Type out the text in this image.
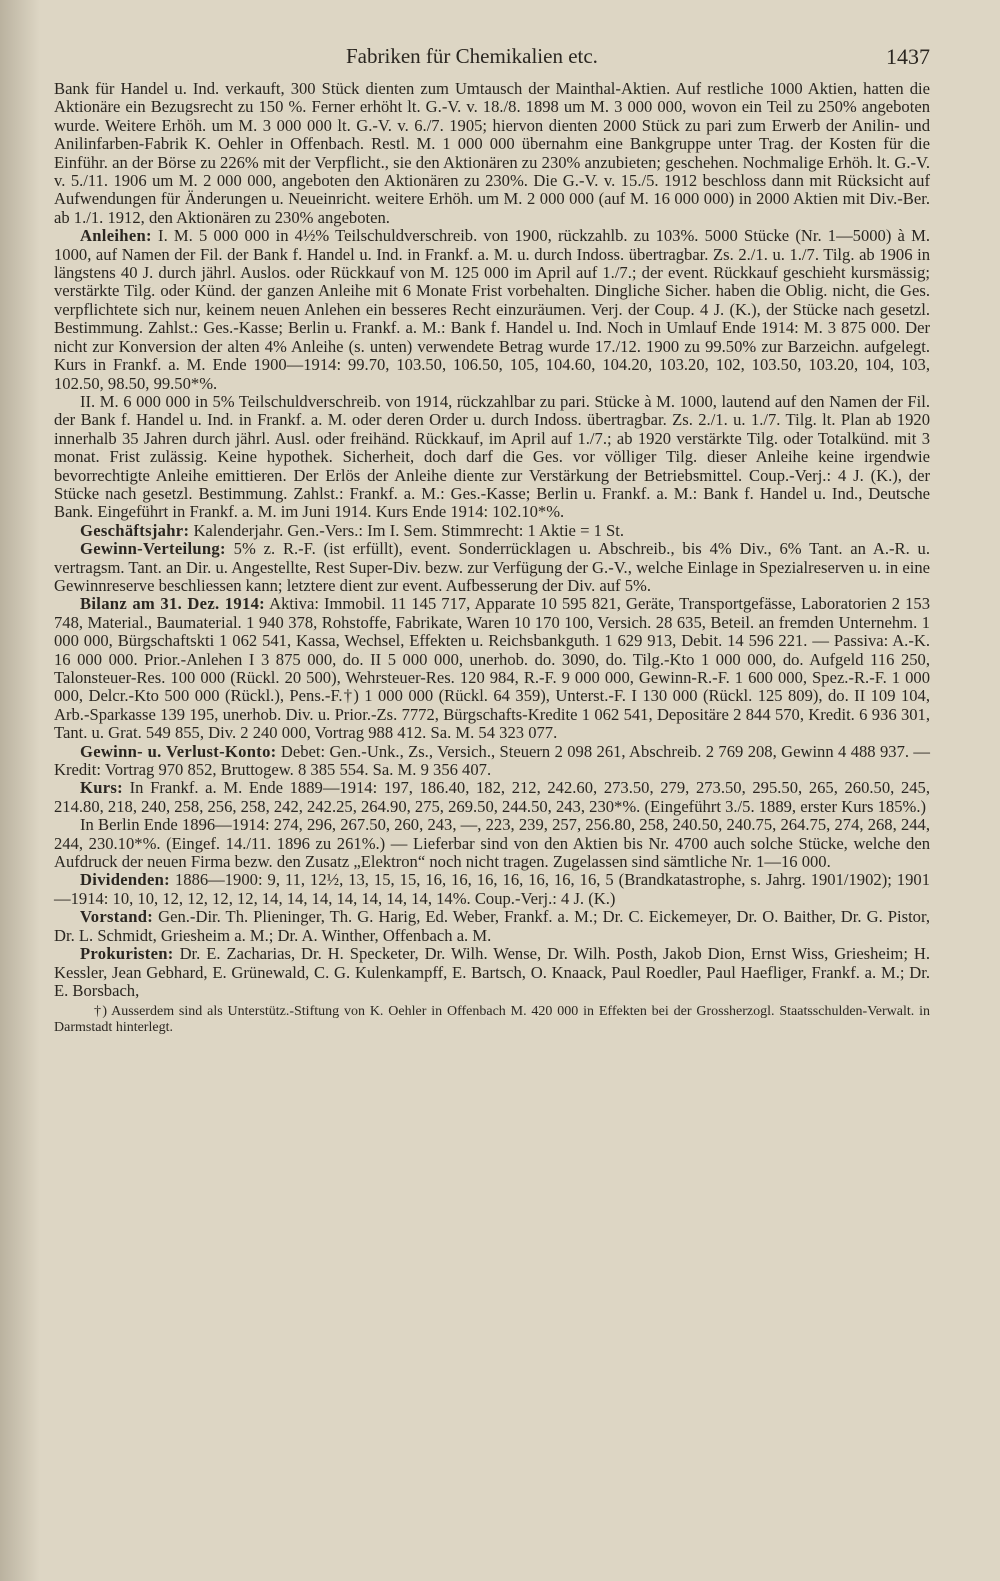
Fabriken für Chemikalien etc.	1437

Bank für Handel u. Ind. verkauft, 300 Stück dienten zum Umtausch der Mainthal-Aktien. Auf restliche 1000 Aktien, hatten die Aktionäre ein Bezugsrecht zu 150 %. Ferner erhöht lt. G.-V. v. 18./8. 1898 um M. 3 000 000, wovon ein Teil zu 250% angeboten wurde. Weitere Erhöh. um M. 3 000 000 lt. G.-V. v. 6./7. 1905; hiervon dienten 2000 Stück zu pari zum Erwerb der Anilin- und Anilinfarben-Fabrik K. Oehler in Offenbach. Restl. M. 1 000 000 übernahm eine Bankgruppe unter Trag. der Kosten für die Einführ. an der Börse zu 226% mit der Verpflicht., sie den Aktionären zu 230% anzubieten; geschehen. Nochmalige Erhöh. lt. G.-V. v. 5./11. 1906 um M. 2 000 000, angeboten den Aktionären zu 230%. Die G.-V. v. 15./5. 1912 beschloss dann mit Rücksicht auf Aufwendungen für Änderungen u. Neueinricht. weitere Erhöh. um M. 2 000 000 (auf M. 16 000 000) in 2000 Aktien mit Div.-Ber. ab 1./1. 1912, den Aktionären zu 230% angeboten.

Anleihen: I. M. 5 000 000 in 4½% Teilschuldverschreib. von 1900, rückzahlb. zu 103%. 5000 Stücke (Nr. 1—5000) à M. 1000, auf Namen der Fil. der Bank f. Handel u. Ind. in Frankf. a. M. u. durch Indoss. übertragbar. Zs. 2./1. u. 1./7. Tilg. ab 1906 in längstens 40 J. durch jährl. Auslos. oder Rückkauf von M. 125 000 im April auf 1./7.; der event. Rückkauf geschieht kursmässig; verstärkte Tilg. oder Künd. der ganzen Anleihe mit 6 Monate Frist vorbehalten. Dingliche Sicher. haben die Oblig. nicht, die Ges. verpflichtete sich nur, keinem neuen Anlehen ein besseres Recht einzuräumen. Verj. der Coup. 4 J. (K.), der Stücke nach gesetzl. Bestimmung. Zahlst.: Ges.-Kasse; Berlin u. Frankf. a. M.: Bank f. Handel u. Ind. Noch in Umlauf Ende 1914: M. 3 875 000. Der nicht zur Konversion der alten 4% Anleihe (s. unten) verwendete Betrag wurde 17./12. 1900 zu 99.50% zur Barzeichn. aufgelegt. Kurs in Frankf. a. M. Ende 1900—1914: 99.70, 103.50, 106.50, 105, 104.60, 104.20, 103.20, 102, 103.50, 103.20, 104, 103, 102.50, 98.50, 99.50*%.

II. M. 6 000 000 in 5% Teilschuldverschreib. von 1914, rückzahlbar zu pari. Stücke à M. 1000, lautend auf den Namen der Fil. der Bank f. Handel u. Ind. in Frankf. a. M. oder deren Order u. durch Indoss. übertragbar. Zs. 2./1. u. 1./7. Tilg. lt. Plan ab 1920 innerhalb 35 Jahren durch jährl. Ausl. oder freihänd. Rückkauf, im April auf 1./7.; ab 1920 verstärkte Tilg. oder Totalkünd. mit 3 monat. Frist zulässig. Keine hypothek. Sicherheit, doch darf die Ges. vor völliger Tilg. dieser Anleihe keine irgendwie bevorrechtigte Anleihe emittieren. Der Erlös der Anleihe diente zur Verstärkung der Betriebsmittel. Coup.-Verj.: 4 J. (K.), der Stücke nach gesetzl. Bestimmung. Zahlst.: Frankf. a. M.: Ges.-Kasse; Berlin u. Frankf. a. M.: Bank f. Handel u. Ind., Deutsche Bank. Eingeführt in Frankf. a. M. im Juni 1914. Kurs Ende 1914: 102.10*%.

Geschäftsjahr: Kalenderjahr. Gen.-Vers.: Im I. Sem. Stimmrecht: 1 Aktie = 1 St.

Gewinn-Verteilung: 5% z. R.-F. (ist erfüllt), event. Sonderrücklagen u. Abschreib., bis 4% Div., 6% Tant. an A.-R. u. vertragsm. Tant. an Dir. u. Angestellte, Rest Super-Div. bezw. zur Verfügung der G.-V., welche Einlage in Spezialreserven u. in eine Gewinnreserve beschliessen kann; letztere dient zur event. Aufbesserung der Div. auf 5%.

Bilanz am 31. Dez. 1914: Aktiva: Immobil. 11 145 717, Apparate 10 595 821, Geräte, Transportgefässe, Laboratorien 2 153 748, Material., Baumaterial. 1 940 378, Rohstoffe, Fabrikate, Waren 10 170 100, Versich. 28 635, Beteil. an fremden Unternehm. 1 000 000, Bürgschaftskti 1 062 541, Kassa, Wechsel, Effekten u. Reichsbankguth. 1 629 913, Debit. 14 596 221. — Passiva: A.-K. 16 000 000. Prior.-Anlehen I 3 875 000, do. II 5 000 000, unerhob. do. 3090, do. Tilg.-Kto 1 000 000, do. Aufgeld 116 250, Talonsteuer-Res. 100 000 (Rückl. 20 500), Wehrsteuer-Res. 120 984, R.-F. 9 000 000, Gewinn-R.-F. 1 600 000, Spez.-R.-F. 1 000 000, Delcr.-Kto 500 000 (Rückl.), Pens.-F.†) 1 000 000 (Rückl. 64 359), Unterst.-F. I 130 000 (Rückl. 125 809), do. II 109 104, Arb.-Sparkasse 139 195, unerhob. Div. u. Prior.-Zs. 7772, Bürgschafts-Kredite 1 062 541, Depositäre 2 844 570, Kredit. 6 936 301, Tant. u. Grat. 549 855, Div. 2 240 000, Vortrag 988 412. Sa. M. 54 323 077.

Gewinn- u. Verlust-Konto: Debet: Gen.-Unk., Zs., Versich., Steuern 2 098 261, Abschreib. 2 769 208, Gewinn 4 488 937. — Kredit: Vortrag 970 852, Bruttogew. 8 385 554. Sa. M. 9 356 407.

Kurs: In Frankf. a. M. Ende 1889—1914: 197, 186.40, 182, 212, 242.60, 273.50, 279, 273.50, 295.50, 265, 260.50, 245, 214.80, 218, 240, 258, 256, 258, 242, 242.25, 264.90, 275, 269.50, 244.50, 243, 230*%. (Eingeführt 3./5. 1889, erster Kurs 185%.)

In Berlin Ende 1896—1914: 274, 296, 267.50, 260, 243, —, 223, 239, 257, 256.80, 258, 240.50, 240.75, 264.75, 274, 268, 244, 244, 230.10*%. (Eingef. 14./11. 1896 zu 261%.) — Lieferbar sind von den Aktien bis Nr. 4700 auch solche Stücke, welche den Aufdruck der neuen Firma bezw. den Zusatz „Elektron“ noch nicht tragen. Zugelassen sind sämtliche Nr. 1—16 000.

Dividenden: 1886—1900: 9, 11, 12½, 13, 15, 15, 16, 16, 16, 16, 16, 16, 16, 5 (Brandkatastrophe, s. Jahrg. 1901/1902); 1901—1914: 10, 10, 12, 12, 12, 12, 14, 14, 14, 14, 14, 14, 14, 14%. Coup.-Verj.: 4 J. (K.)

Vorstand: Gen.-Dir. Th. Plieninger, Th. G. Harig, Ed. Weber, Frankf. a. M.; Dr. C. Eickemeyer, Dr. O. Baither, Dr. G. Pistor, Dr. L. Schmidt, Griesheim a. M.; Dr. A. Winther, Offenbach a. M.

Prokuristen: Dr. E. Zacharias, Dr. H. Specketer, Dr. Wilh. Wense, Dr. Wilh. Posth, Jakob Dion, Ernst Wiss, Griesheim; H. Kessler, Jean Gebhard, E. Grünewald, C. G. Kulenkampff, E. Bartsch, O. Knaack, Paul Roedler, Paul Haefliger, Frankf. a. M.; Dr. E. Borsbach,

†) Ausserdem sind als Unterstütz.-Stiftung von K. Oehler in Offenbach M. 420 000 in Effekten bei der Grossherzogl. Staatsschulden-Verwalt. in Darmstadt hinterlegt.
